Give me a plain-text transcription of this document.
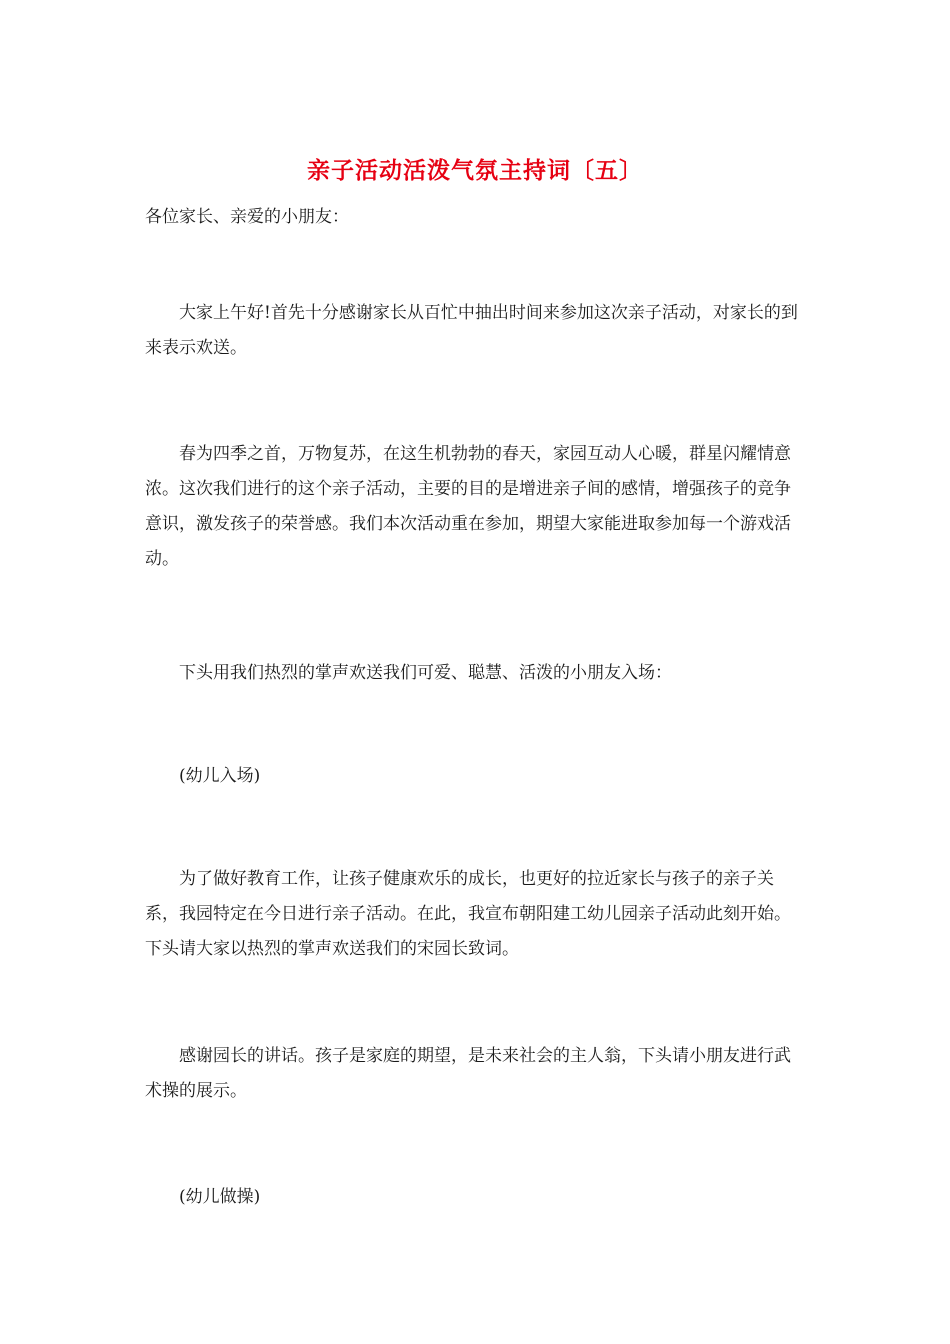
亲子活动活泼气氛主持词〔五〕
各位家长、亲爱的小朋友：

大家上午好!首先十分感谢家长从百忙中抽出时间来参加这次亲子活动，对家长的到来表示欢送。

春为四季之首，万物复苏，在这生机勃勃的春天，家园互动人心暖，群星闪耀情意浓。这次我们进行的这个亲子活动，主要的目的是增进亲子间的感情，增强孩子的竞争意识，激发孩子的荣誉感。我们本次活动重在参加，期望大家能进取参加每一个游戏活动。

下头用我们热烈的掌声欢送我们可爱、聪慧、活泼的小朋友入场：

(幼儿入场)

为了做好教育工作，让孩子健康欢乐的成长，也更好的拉近家长与孩子的亲子关系，我园特定在今日进行亲子活动。在此，我宣布朝阳建工幼儿园亲子活动此刻开始。下头请大家以热烈的掌声欢送我们的宋园长致词。

感谢园长的讲话。孩子是家庭的期望，是未来社会的主人翁，下头请小朋友进行武术操的展示。

(幼儿做操)
